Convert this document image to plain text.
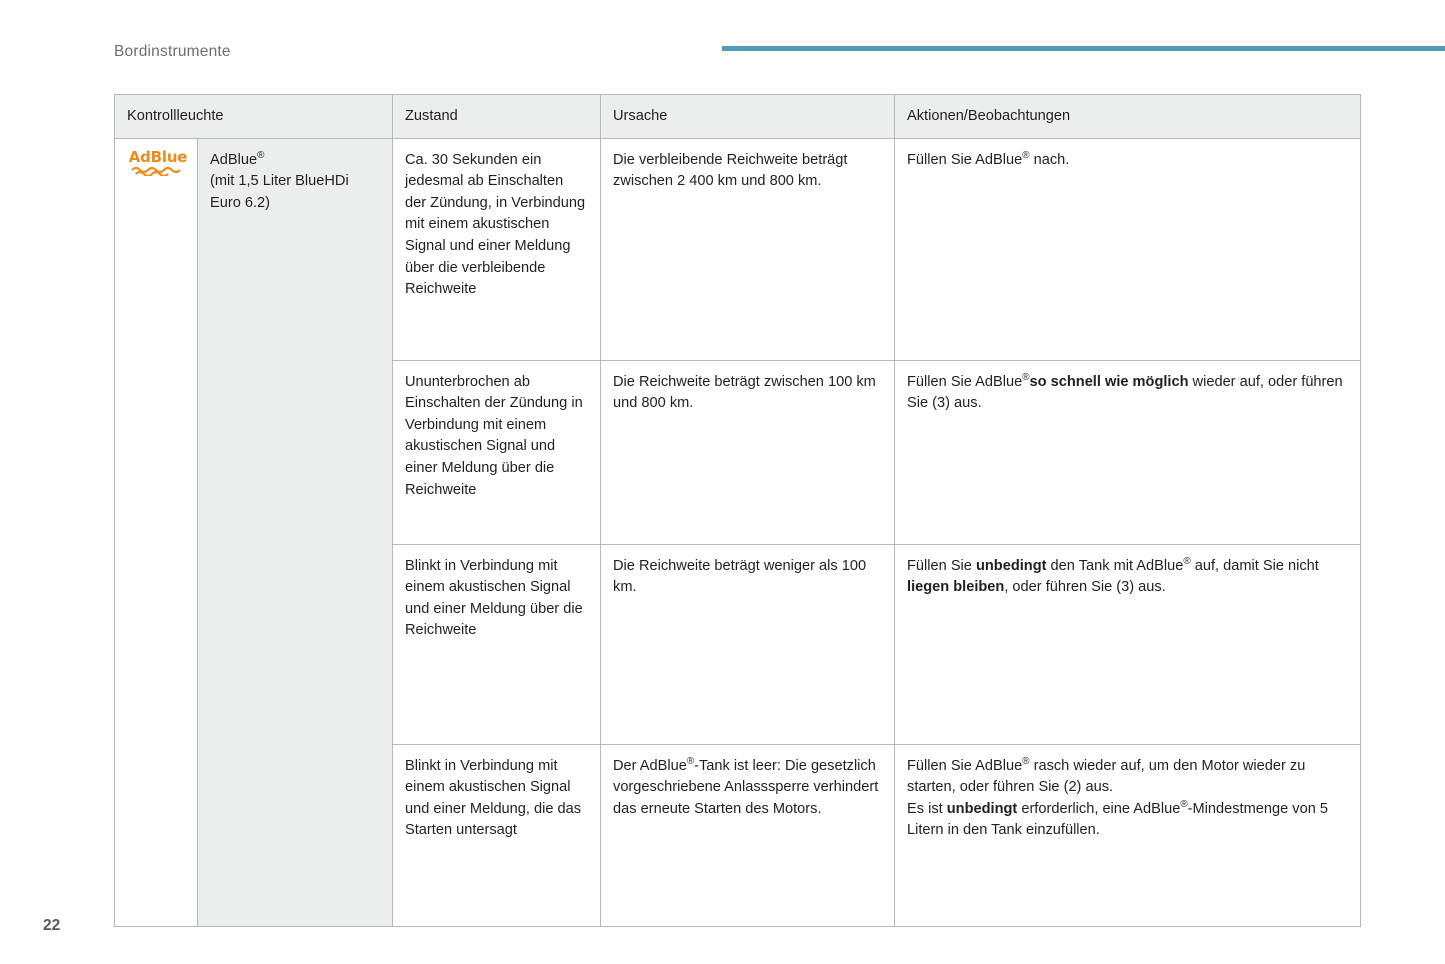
Bordinstrumente
Kontrollleuchte		Zustand	Ursache	Aktionen/Beobachtungen
AdBlue	AdBlue®
(mit 1,5 Liter BlueHDi
Euro 6.2)	Ca. 30 Sekunden ein jedesmal ab Einschalten der Zündung, in Verbindung mit einem akustischen Signal und einer Meldung über die verbleibende Reichweite	Die verbleibende Reichweite beträgt zwischen 2 400 km und 800 km.	Füllen Sie AdBlue® nach.
		Ununterbrochen ab Einschalten der Zündung in Verbindung mit einem akustischen Signal und einer Meldung über die Reichweite	Die Reichweite beträgt zwischen 100 km und 800 km.	Füllen Sie AdBlue®so schnell wie möglich wieder auf, oder führen Sie (3) aus.
		Blinkt in Verbindung mit einem akustischen Signal und einer Meldung über die Reichweite	Die Reichweite beträgt weniger als 100 km.	Füllen Sie unbedingt den Tank mit AdBlue® auf, damit Sie nicht liegen bleiben, oder führen Sie (3) aus.
		Blinkt in Verbindung mit einem akustischen Signal und einer Meldung, die das Starten untersagt	Der AdBlue®-Tank ist leer: Die gesetzlich vorgeschriebene Anlasssperre verhindert das erneute Starten des Motors.	Füllen Sie AdBlue® rasch wieder auf, um den Motor wieder zu starten, oder führen Sie (2) aus.
Es ist unbedingt erforderlich, eine AdBlue®-Mindestmenge von 5 Litern in den Tank einzufüllen.
22
